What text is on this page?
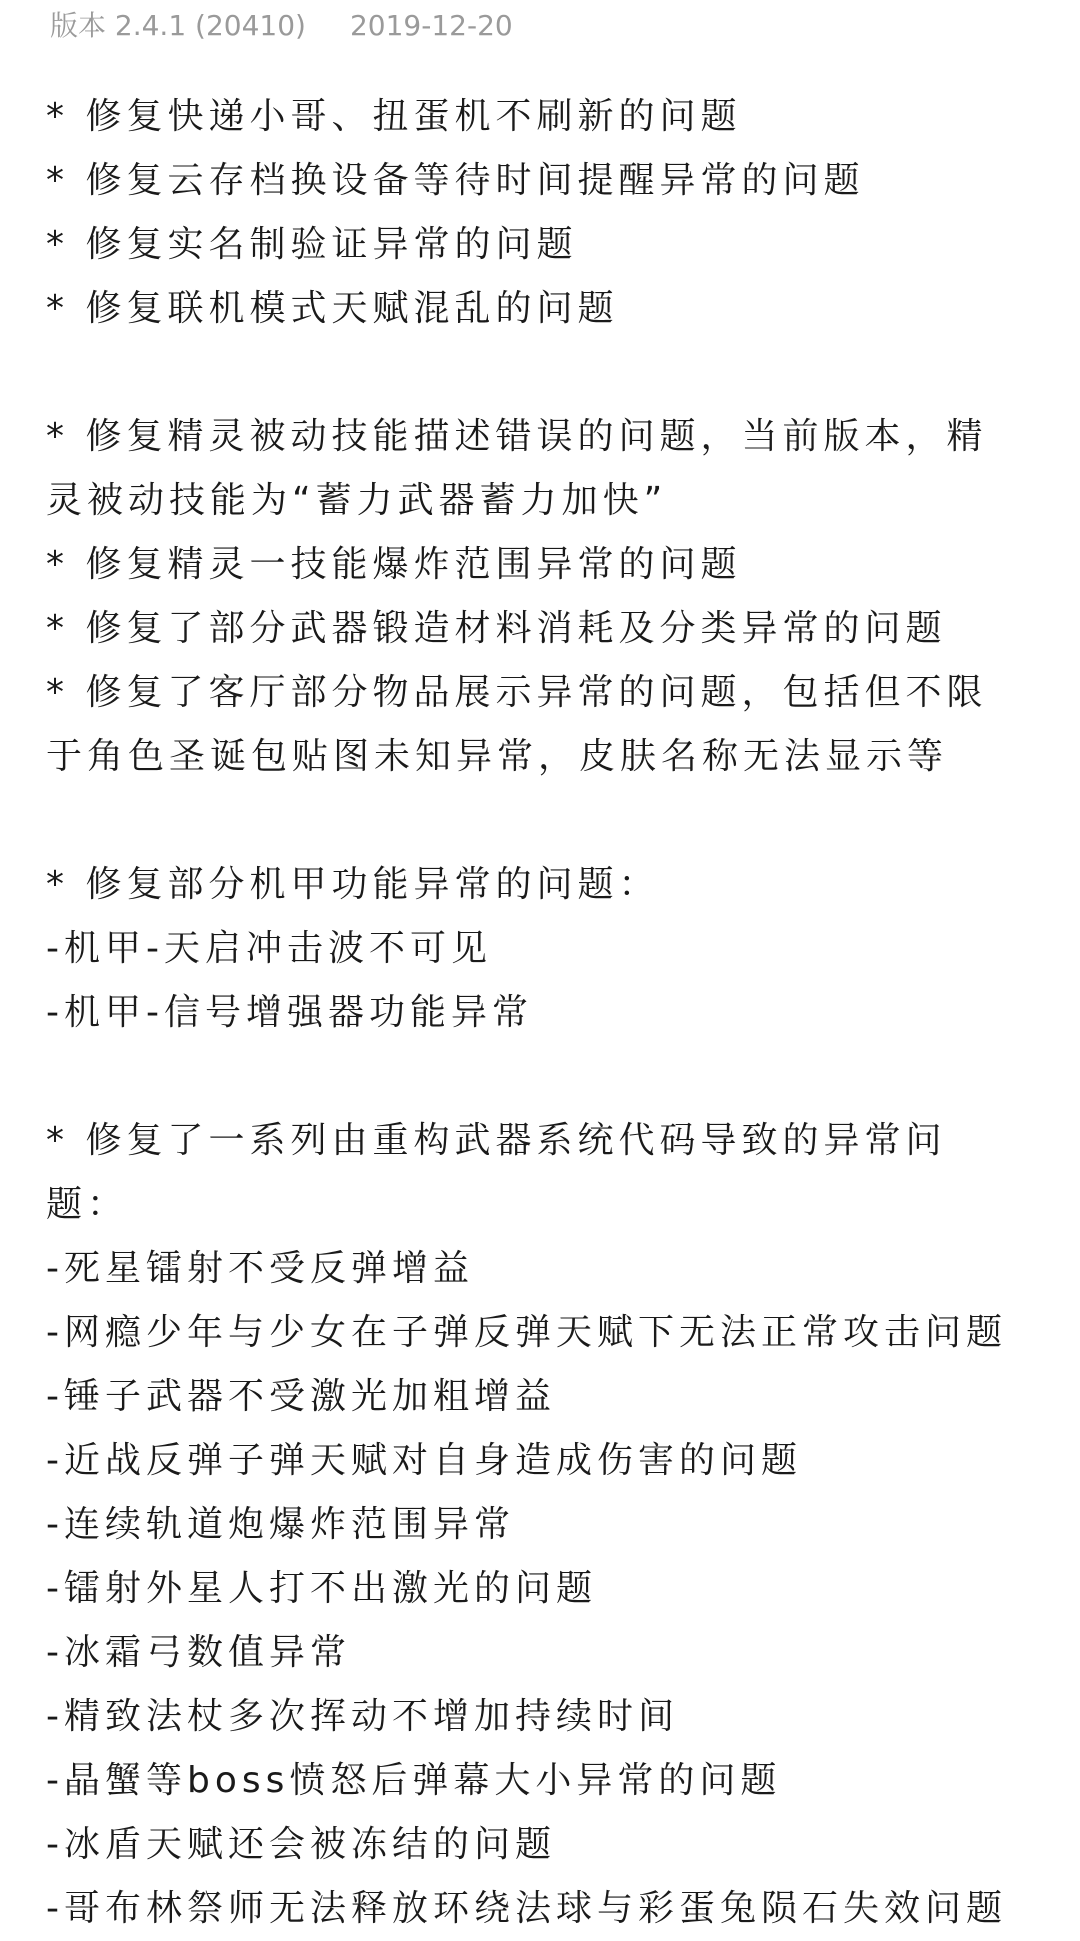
版本 2.4.1 (20410) 2019-12-20
* 修复快递小哥、扭蛋机不刷新的问题
* 修复云存档换设备等待时间提醒异常的问题
* 修复实名制验证异常的问题
* 修复联机模式天赋混乱的问题
* 修复精灵被动技能描述错误的问题，当前版本，精
灵被动技能为“蓄力武器蓄力加快”
* 修复精灵一技能爆炸范围异常的问题
* 修复了部分武器锻造材料消耗及分类异常的问题
* 修复了客厅部分物品展示异常的问题，包括但不限
于角色圣诞包贴图未知异常，皮肤名称无法显示等
* 修复部分机甲功能异常的问题：
-机甲-天启冲击波不可见
-机甲-信号增强器功能异常
* 修复了一系列由重构武器系统代码导致的异常问
题：
-死星镭射不受反弹增益
-网瘾少年与少女在子弹反弹天赋下无法正常攻击问题
-锤子武器不受激光加粗增益
-近战反弹子弹天赋对自身造成伤害的问题
-连续轨道炮爆炸范围异常
-镭射外星人打不出激光的问题
-冰霜弓数值异常
-精致法杖多次挥动不增加持续时间
-晶蟹等boss愤怒后弹幕大小异常的问题
-冰盾天赋还会被冻结的问题
-哥布林祭师无法释放环绕法球与彩蛋兔陨石失效问题
